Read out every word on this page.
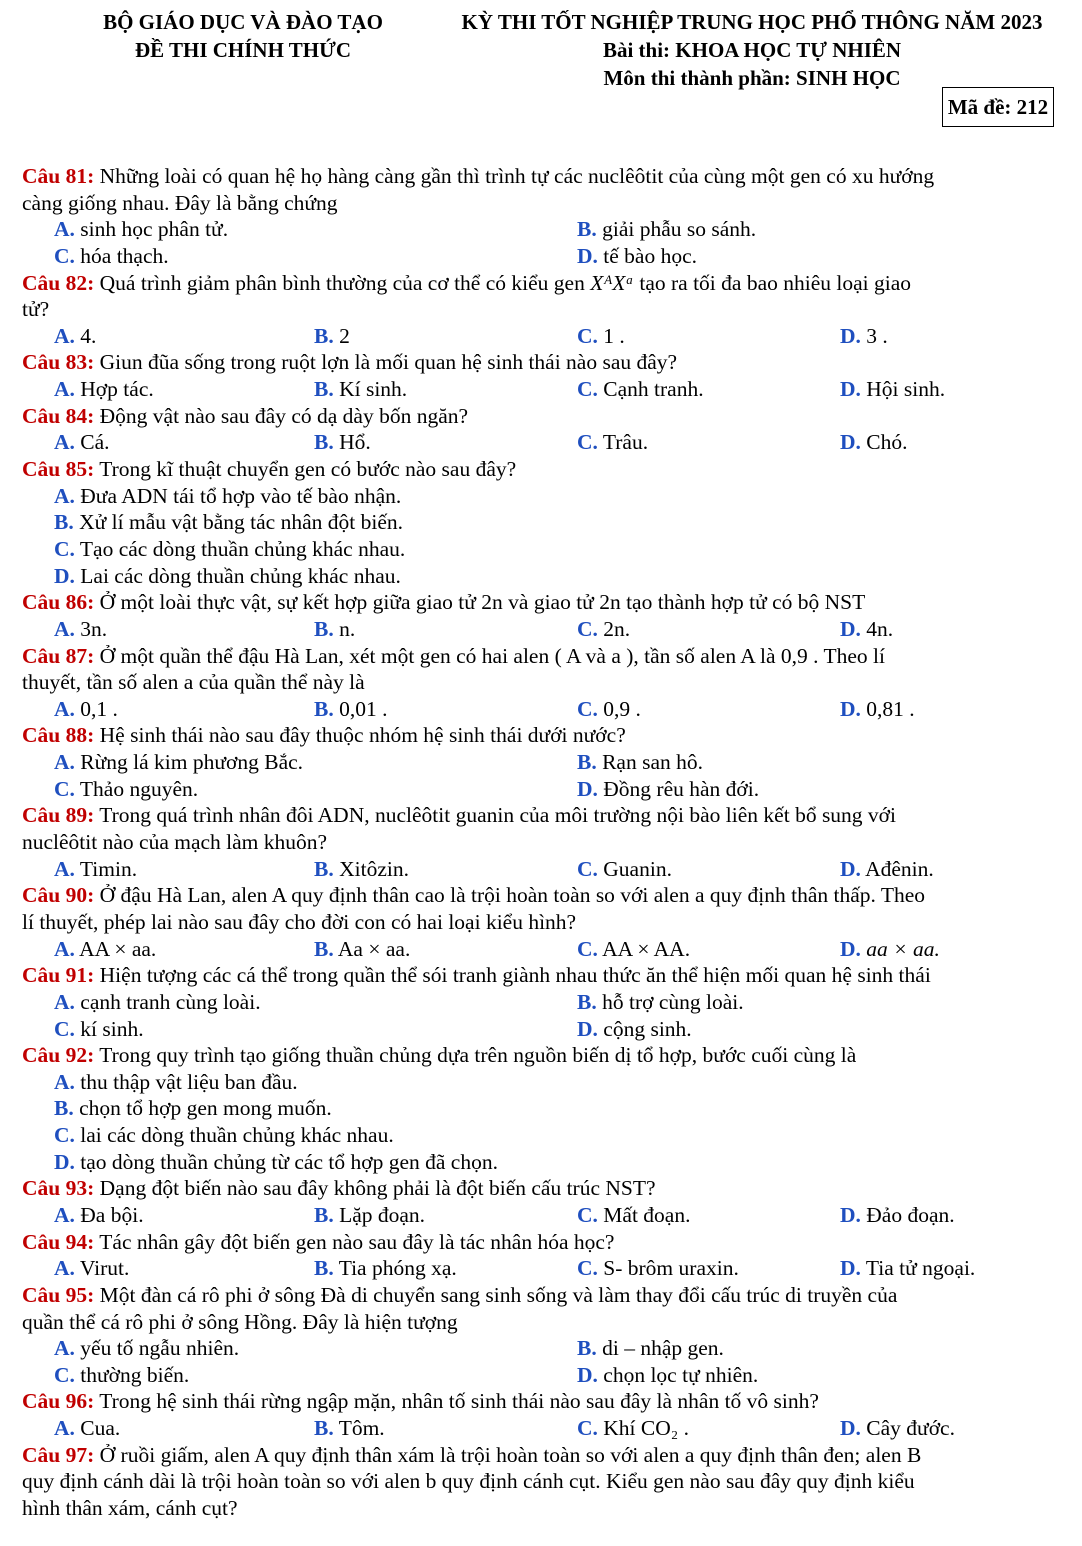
BỘ GIÁO DỤC VÀ ĐÀO TẠO
ĐỀ THI CHÍNH THỨC
KỲ THI TỐT NGHIỆP TRUNG HỌC PHỔ THÔNG NĂM 2023
Bài thi: KHOA HỌC TỰ NHIÊN
Môn thi thành phần: SINH HỌC
Mã đề: 212
Câu 81: Những loài có quan hệ họ hàng càng gần thì trình tự các nuclêôtit của cùng một gen có xu hướng
càng giống nhau. Đây là bằng chứng
A. sinh học phân tử.	B. giải phẫu so sánh.
C. hóa thạch.	D. tế bào học.
Câu 82: Quá trình giảm phân bình thường của cơ thể có kiểu gen XᴬXᵃ tạo ra tối đa bao nhiêu loại giao
tử?
A. 4.	B. 2	C. 1 .	D. 3 .
Câu 83: Giun đũa sống trong ruột lợn là mối quan hệ sinh thái nào sau đây?
A. Hợp tác.	B. Kí sinh.	C. Cạnh tranh.	D. Hội sinh.
Câu 84: Động vật nào sau đây có dạ dày bốn ngăn?
A. Cá.	B. Hổ.	C. Trâu.	D. Chó.
Câu 85: Trong kĩ thuật chuyển gen có bước nào sau đây?
A. Đưa ADN tái tổ hợp vào tế bào nhận.
B. Xử lí mẫu vật bằng tác nhân đột biến.
C. Tạo các dòng thuần chủng khác nhau.
D. Lai các dòng thuần chủng khác nhau.
Câu 86: Ở một loài thực vật, sự kết hợp giữa giao tử 2n và giao tử 2n tạo thành hợp tử có bộ NST
A. 3n.	B. n.	C. 2n.	D. 4n.
Câu 87: Ở một quần thể đậu Hà Lan, xét một gen có hai alen ( A và a ), tần số alen A là 0,9 . Theo lí
thuyết, tần số alen a của quần thể này là
A. 0,1 .	B. 0,01 .	C. 0,9 .	D. 0,81 .
Câu 88: Hệ sinh thái nào sau đây thuộc nhóm hệ sinh thái dưới nước?
A. Rừng lá kim phương Bắc.	B. Rạn san hô.
C. Thảo nguyên.	D. Đồng rêu hàn đới.
Câu 89: Trong quá trình nhân đôi ADN, nuclêôtit guanin của môi trường nội bào liên kết bổ sung với
nuclêôtit nào của mạch làm khuôn?
A. Timin.	B. Xitôzin.	C. Guanin.	D. Ađênin.
Câu 90: Ở đậu Hà Lan, alen A quy định thân cao là trội hoàn toàn so với alen a quy định thân thấp. Theo
lí thuyết, phép lai nào sau đây cho đời con có hai loại kiểu hình?
A. AA × aa.	B. Aa × aa.	C. AA × AA.	D. aa × aa.
Câu 91: Hiện tượng các cá thể trong quần thể sói tranh giành nhau thức ăn thể hiện mối quan hệ sinh thái
A. cạnh tranh cùng loài.	B. hỗ trợ cùng loài.
C. kí sinh.	D. cộng sinh.
Câu 92: Trong quy trình tạo giống thuần chủng dựa trên nguồn biến dị tổ hợp, bước cuối cùng là
A. thu thập vật liệu ban đầu.
B. chọn tổ hợp gen mong muốn.
C. lai các dòng thuần chủng khác nhau.
D. tạo dòng thuần chủng từ các tổ hợp gen đã chọn.
Câu 93: Dạng đột biến nào sau đây không phải là đột biến cấu trúc NST?
A. Đa bội.	B. Lặp đoạn.	C. Mất đoạn.	D. Đảo đoạn.
Câu 94: Tác nhân gây đột biến gen nào sau đây là tác nhân hóa học?
A. Virut.	B. Tia phóng xạ.	C. S- brôm uraxin.	D. Tia tử ngoại.
Câu 95: Một đàn cá rô phi ở sông Đà di chuyển sang sinh sống và làm thay đổi cấu trúc di truyền của
quần thể cá rô phi ở sông Hồng. Đây là hiện tượng
A. yếu tố ngẫu nhiên.	B. di – nhập gen.
C. thường biến.	D. chọn lọc tự nhiên.
Câu 96: Trong hệ sinh thái rừng ngập mặn, nhân tố sinh thái nào sau đây là nhân tố vô sinh?
A. Cua.	B. Tôm.	C. Khí CO₂ .	D. Cây đước.
Câu 97: Ở ruồi giấm, alen A quy định thân xám là trội hoàn toàn so với alen a quy định thân đen; alen B
quy định cánh dài là trội hoàn toàn so với alen b quy định cánh cụt. Kiểu gen nào sau đây quy định kiểu
hình thân xám, cánh cụt?
